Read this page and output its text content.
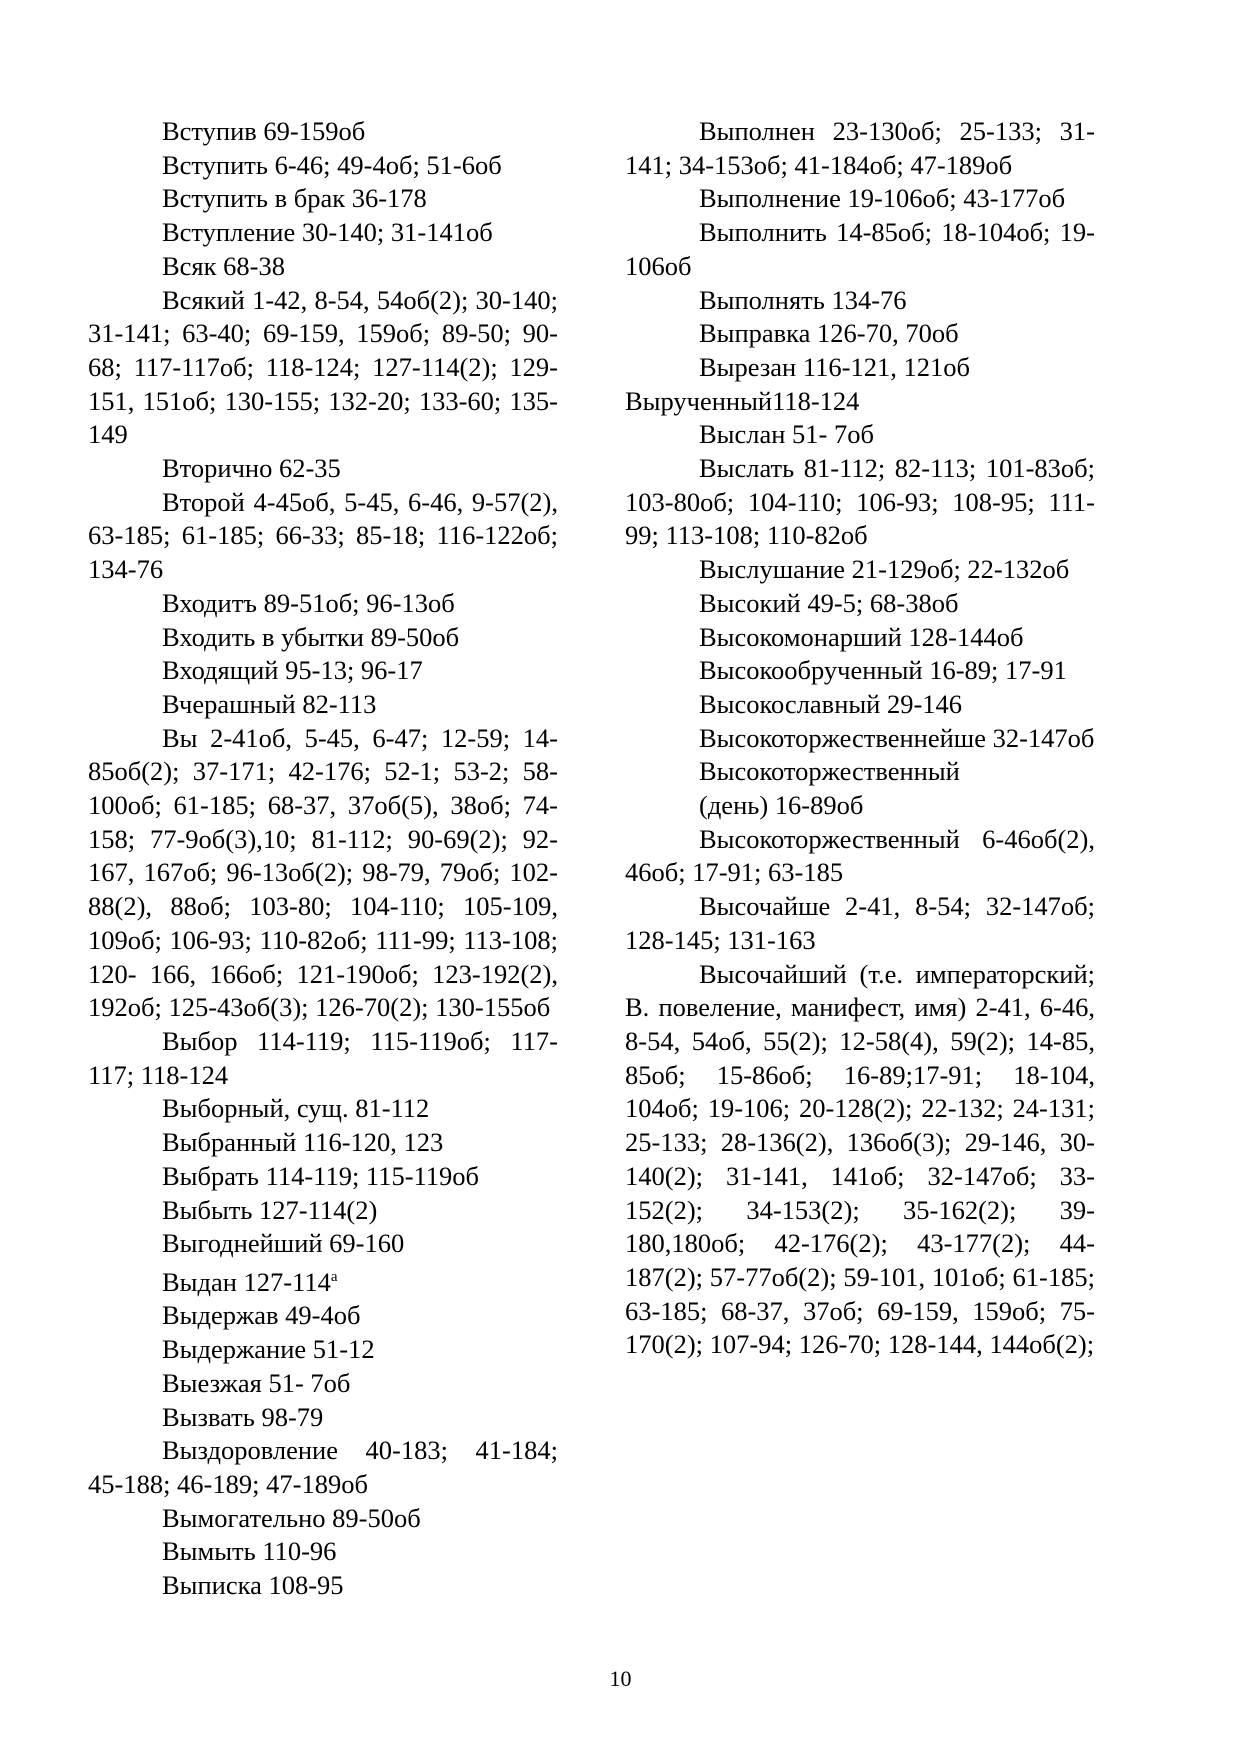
Вступив 69-159об

Вступить 6-46; 49-4об; 51-6об

Вступить в брак 36-178

Вступление 30-140; 31-141об

Всяк 68-38

Всякий 1-42, 8-54, 54об(2); 30-140; 31-141; 63-40; 69-159, 159об; 89-50; 90-68; 117-117об; 118-124; 127-114(2); 129-151, 151об; 130-155; 132-20; 133-60; 135-149

Вторично 62-35

Второй 4-45об, 5-45, 6-46, 9-57(2), 63-185; 61-185; 66-33; 85-18; 116-122об; 134-76

Входитъ 89-51об; 96-13об

Входить в убытки 89-50об

Входящий 95-13; 96-17

Вчерашный 82-113

Вы 2-41об, 5-45, 6-47; 12-59; 14-85об(2); 37-171; 42-176; 52-1; 53-2; 58-100об; 61-185; 68-37, 37об(5), 38об; 74-158; 77-9об(3),10; 81-112; 90-69(2); 92-167, 167об; 96-13об(2); 98-79, 79об; 102-88(2), 88об; 103-80; 104-110; 105-109, 109об; 106-93; 110-82об; 111-99; 113-108; 120- 166, 166об; 121-190об; 123-192(2), 192об; 125-43об(3); 126-70(2); 130-155об

Выбор 114-119; 115-119об; 117-117; 118-124

Выборный, сущ. 81-112

Выбранный 116-120, 123

Выбрать 114-119; 115-119об

Выбыть 127-114(2)

Выгоднейший 69-160

Выдан $127-114^а$

Выдержав 49-4об

Выдержание 51-12

Выезжая 51- 7об

Вызвать 98-79

Выздоровление 40-183; 41-184; 45-188; 46-189; 47-189об

Вымогательно 89-50об

Вымыть 110-96

Выписка 108-95

Выполнен 23-130об; 25-133; 31-141; 34-153об; 41-184об; 47-189об

Выполнение 19-106об; 43-177об

Выполнить 14-85об; 18-104об; 19-106об

Выполнять 134-76

Выправка 126-70, 70об

Вырезан 116-121, 121об

Вырученный118-124

Выслан 51- 7об

Выслать 81-112; 82-113; 101-83об; 103-80об; 104-110; 106-93; 108-95; 111-99; 113-108; 110-82об

Выслушание 21-129об; 22-132об

Высокий 49-5; 68-38об

Высокомонарший 128-144об

Высокообрученный 16-89; 17-91

Высокославный 29-146

Высокоторжественнейше 32-147об

Высокоторжественный

(день) 16-89об

Высокоторжественный 6-46об(2), 46об; 17-91; 63-185

Высочайше 2-41, 8-54; 32-147об; 128-145; 131-163

Высочайший (т.е. императорский; В. повеление, манифест, имя) 2-41, 6-46, 8-54, 54об, 55(2); 12-58(4), 59(2); 14-85, 85об; 15-86об; 16-89;17-91; 18-104, 104об; 19-106; 20-128(2); 22-132; 24-131; 25-133; 28-136(2), 136об(3); 29-146, 30-140(2); 31-141, 141об; 32-147об; 33-152(2); 34-153(2); 35-162(2); 39-180,180об; 42-176(2); 43-177(2); 44-187(2); 57-77об(2); 59-101, 101об; 61-185; 63-185; 68-37, 37об; 69-159, 159об; 75-170(2); 107-94; 126-70; 128-144, 144об(2);

10
